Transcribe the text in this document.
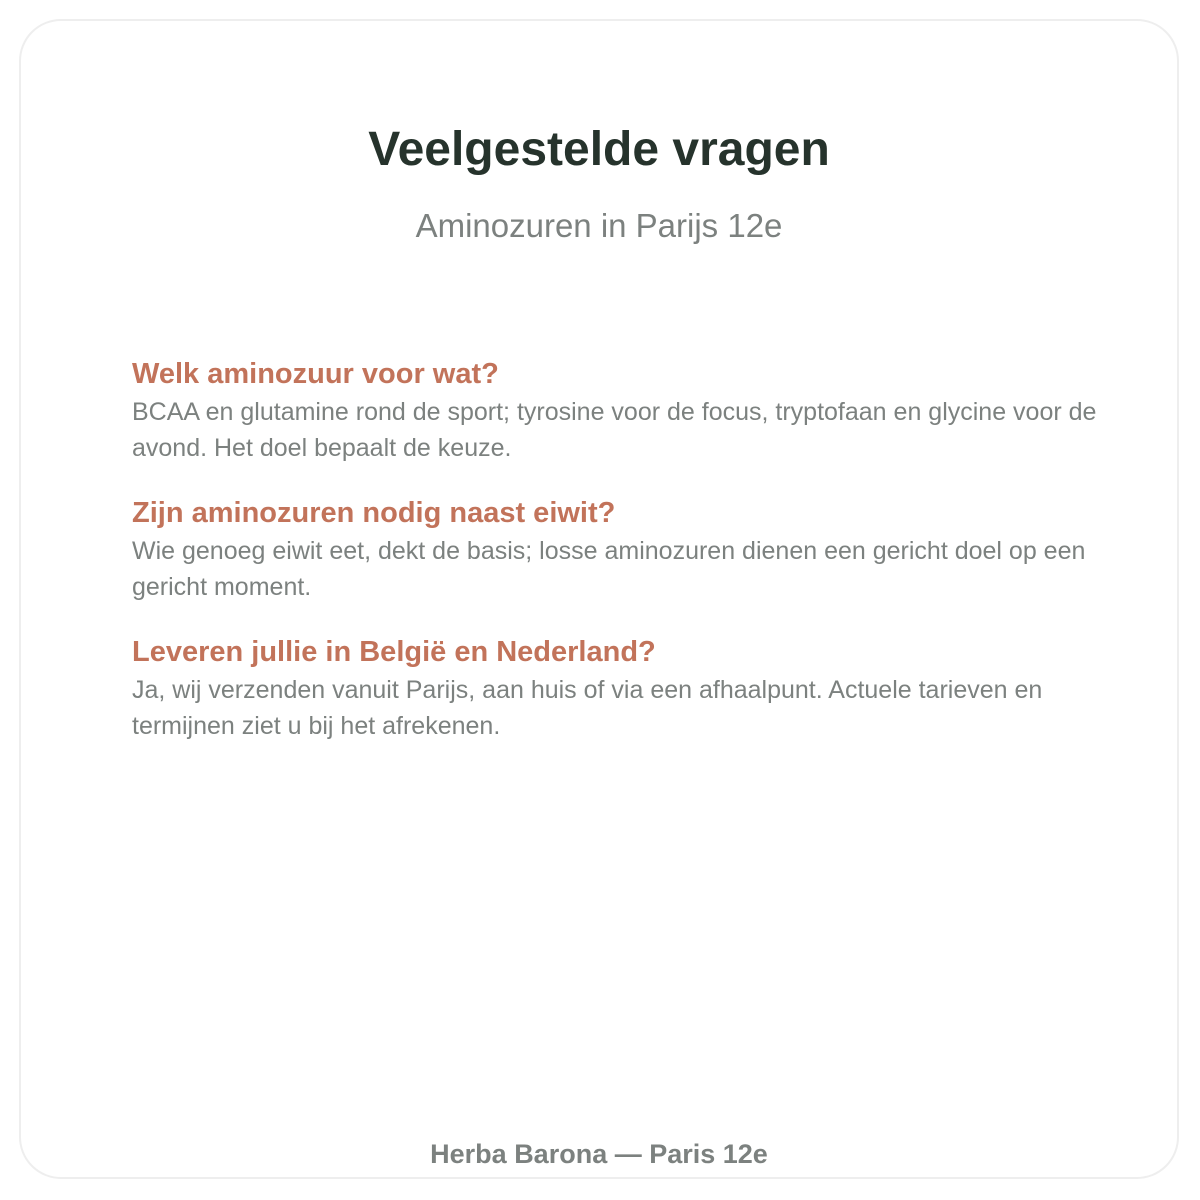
Veelgestelde vragen

Aminozuren in Parijs 12e

Welk aminozuur voor wat?

BCAA en glutamine rond de sport; tyrosine voor de focus, tryptofaan en glycine voor de avond. Het doel bepaalt de keuze.

Zijn aminozuren nodig naast eiwit?

Wie genoeg eiwit eet, dekt de basis; losse aminozuren dienen een gericht doel op een gericht moment.

Leveren jullie in België en Nederland?

Ja, wij verzenden vanuit Parijs, aan huis of via een afhaalpunt. Actuele tarieven en termijnen ziet u bij het afrekenen.

Herba Barona — Paris 12e
